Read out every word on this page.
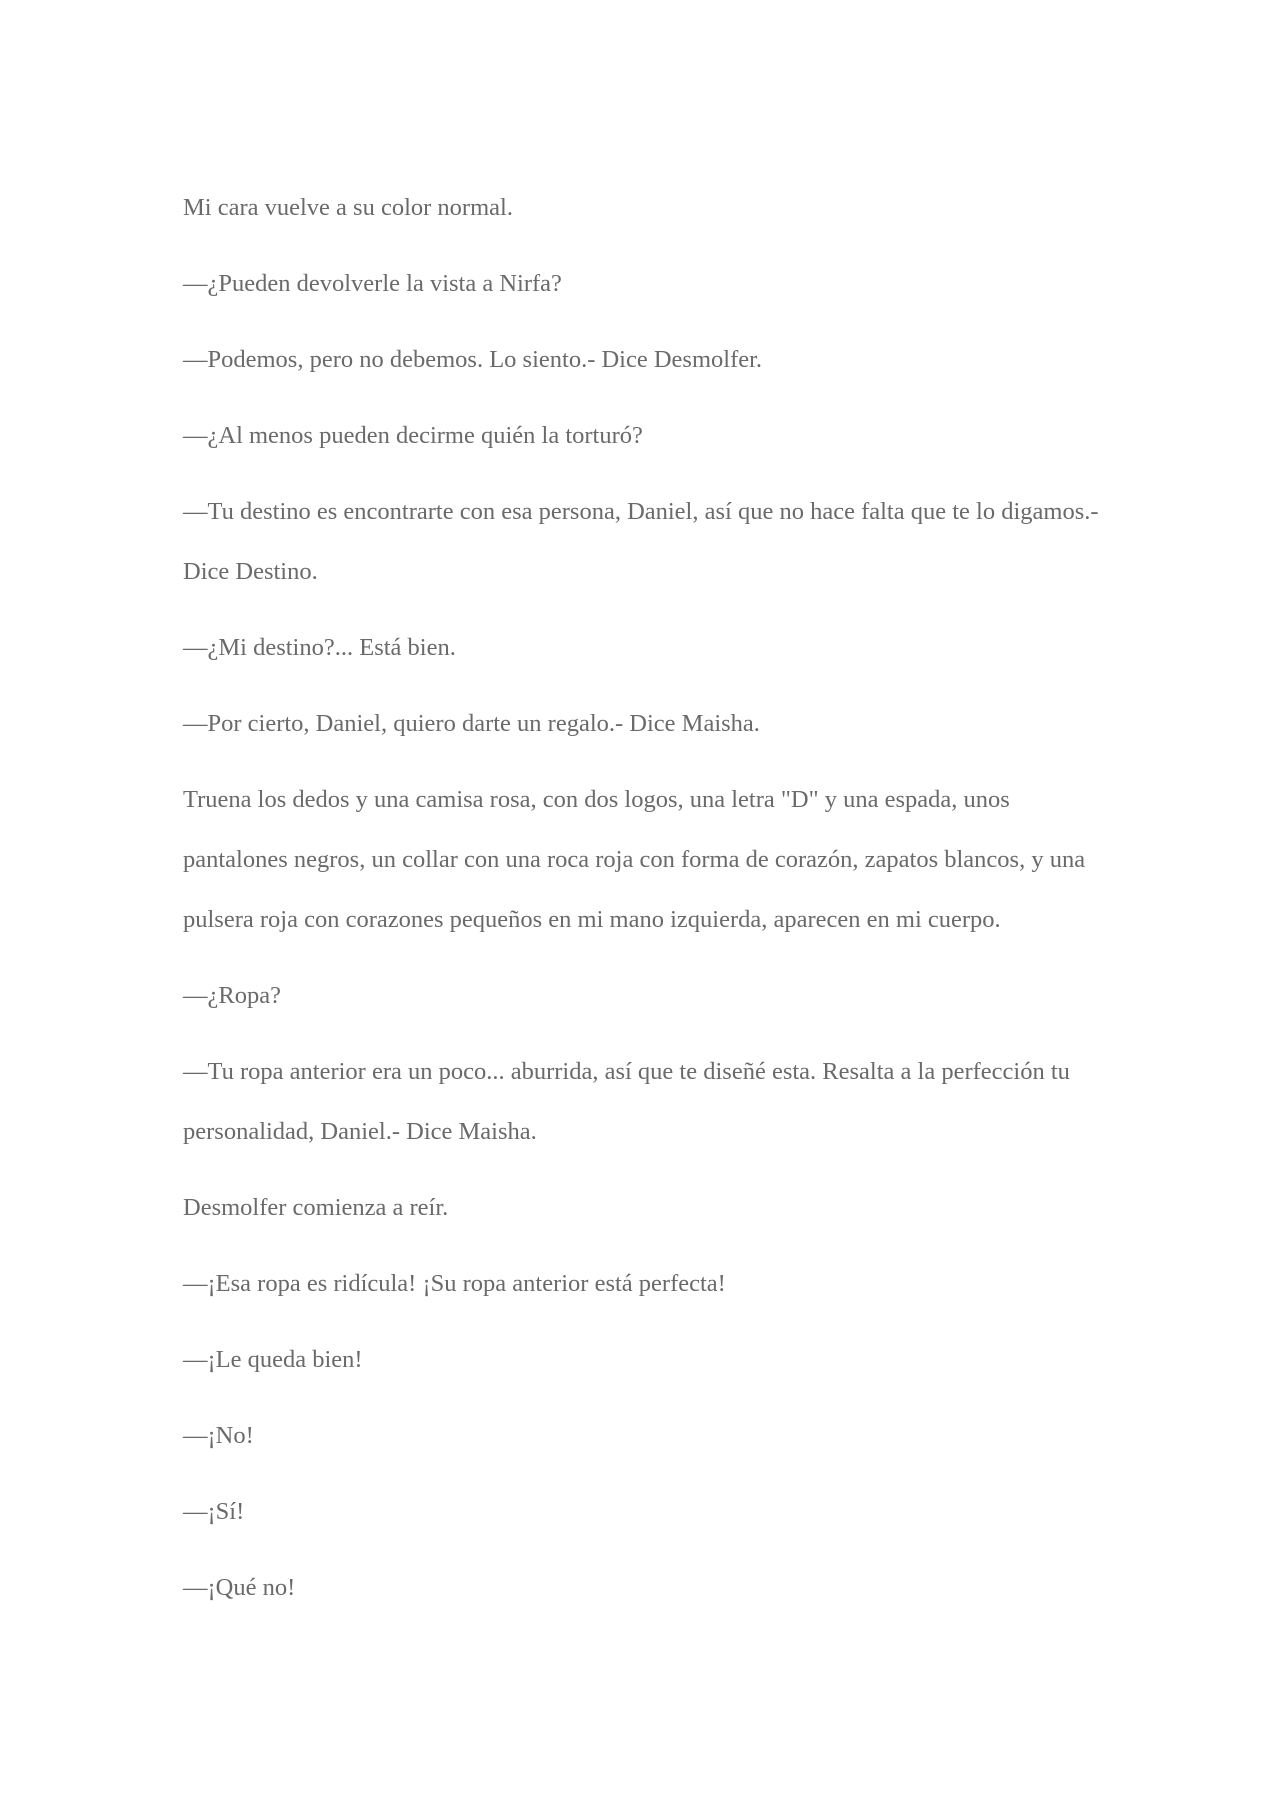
Mi cara vuelve a su color normal.

—¿Pueden devolverle la vista a Nirfa?

—Podemos, pero no debemos. Lo siento.- Dice Desmolfer.

—¿Al menos pueden decirme quién la torturó?

—Tu destino es encontrarte con esa persona, Daniel, así que no hace falta que te lo digamos.- Dice Destino.

—¿Mi destino?... Está bien.

—Por cierto, Daniel, quiero darte un regalo.- Dice Maisha.

Truena los dedos y una camisa rosa, con dos logos, una letra "D" y una espada, unos pantalones negros, un collar con una roca roja con forma de corazón, zapatos blancos, y una pulsera roja con corazones pequeños en mi mano izquierda, aparecen en mi cuerpo.

—¿Ropa?

—Tu ropa anterior era un poco... aburrida, así que te diseñé esta. Resalta a la perfección tu personalidad, Daniel.- Dice Maisha.

Desmolfer comienza a reír.

—¡Esa ropa es ridícula! ¡Su ropa anterior está perfecta!

—¡Le queda bien!

—¡No!

—¡Sí!

—¡Qué no!
